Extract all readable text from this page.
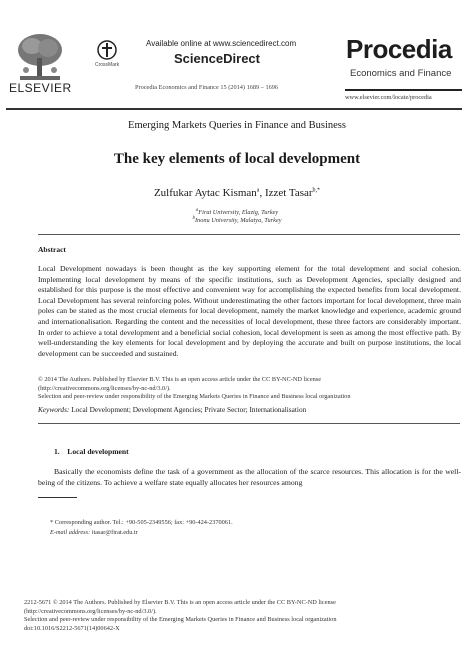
ELSEVIER
CrossMark
Available online at www.sciencedirect.com
ScienceDirect
Procedia Economics and Finance 15 (2014) 1689 – 1696
Procedia
Economics and Finance
www.elsevier.com/locate/procedia
Emerging Markets Queries in Finance and Business
The key elements of local development
Zulfukar Aytac Kisman$^a$, Izzet Tasar$^{b,*}$
$^a$Firat University, Elazig, Turkey
$^b$Inonu University, Malatya, Turkey
Abstract
Local Development nowadays is been thought as the key supporting element for the total development and social cohesion. Implementing local development by means of the specific institutions, such as Development Agencies, specially designed and established for this purpose is the most effective and convenient way for accomplishing the expected benefits from local development. Local Development has several reinforcing poles. Without underestimating the other factors important for local development, three main poles can be stated as the most crucial elements for local development, namely the market knowledge and experience, academic ground and internationalisation. Regarding the content and the necessities of local development, these three factors are considerably important. In order to achieve a total development and a beneficial social cohesion, local development is seen as among the most effective path. By well-understanding the key elements for local development and by deploying the accurate and built on purpose institutions, the local development can be succeeded and sustained.
© 2014 The Authors. Published by Elsevier B.V. This is an open access article under the CC BY-NC-ND license
(http://creativecommons.org/licenses/by-nc-nd/3.0/).
Selection and peer-review under responsibility of the Emerging Markets Queries in Finance and Business local organization
Keywords: Local Development; Development Agencies; Private Sector; Internationalisation
1.    Local development
Basically the economists define the task of a government as the allocation of the scarce resources. This allocation is for the well-being of the citizens. To achieve a welfare state equally allocates her resources among
* Corresponding author. Tel.: +90-505-2349556; fax: +90-424-2370061.
E-mail address: itasar@firat.edu.tr
2212-5671 © 2014 The Authors. Published by Elsevier B.V. This is an open access article under the CC BY-NC-ND license
(http://creativecommons.org/licenses/by-nc-nd/3.0/).
Selection and peer-review under responsibility of the Emerging Markets Queries in Finance and Business local organization
doi:10.1016/S2212-5671(14)00642-X
